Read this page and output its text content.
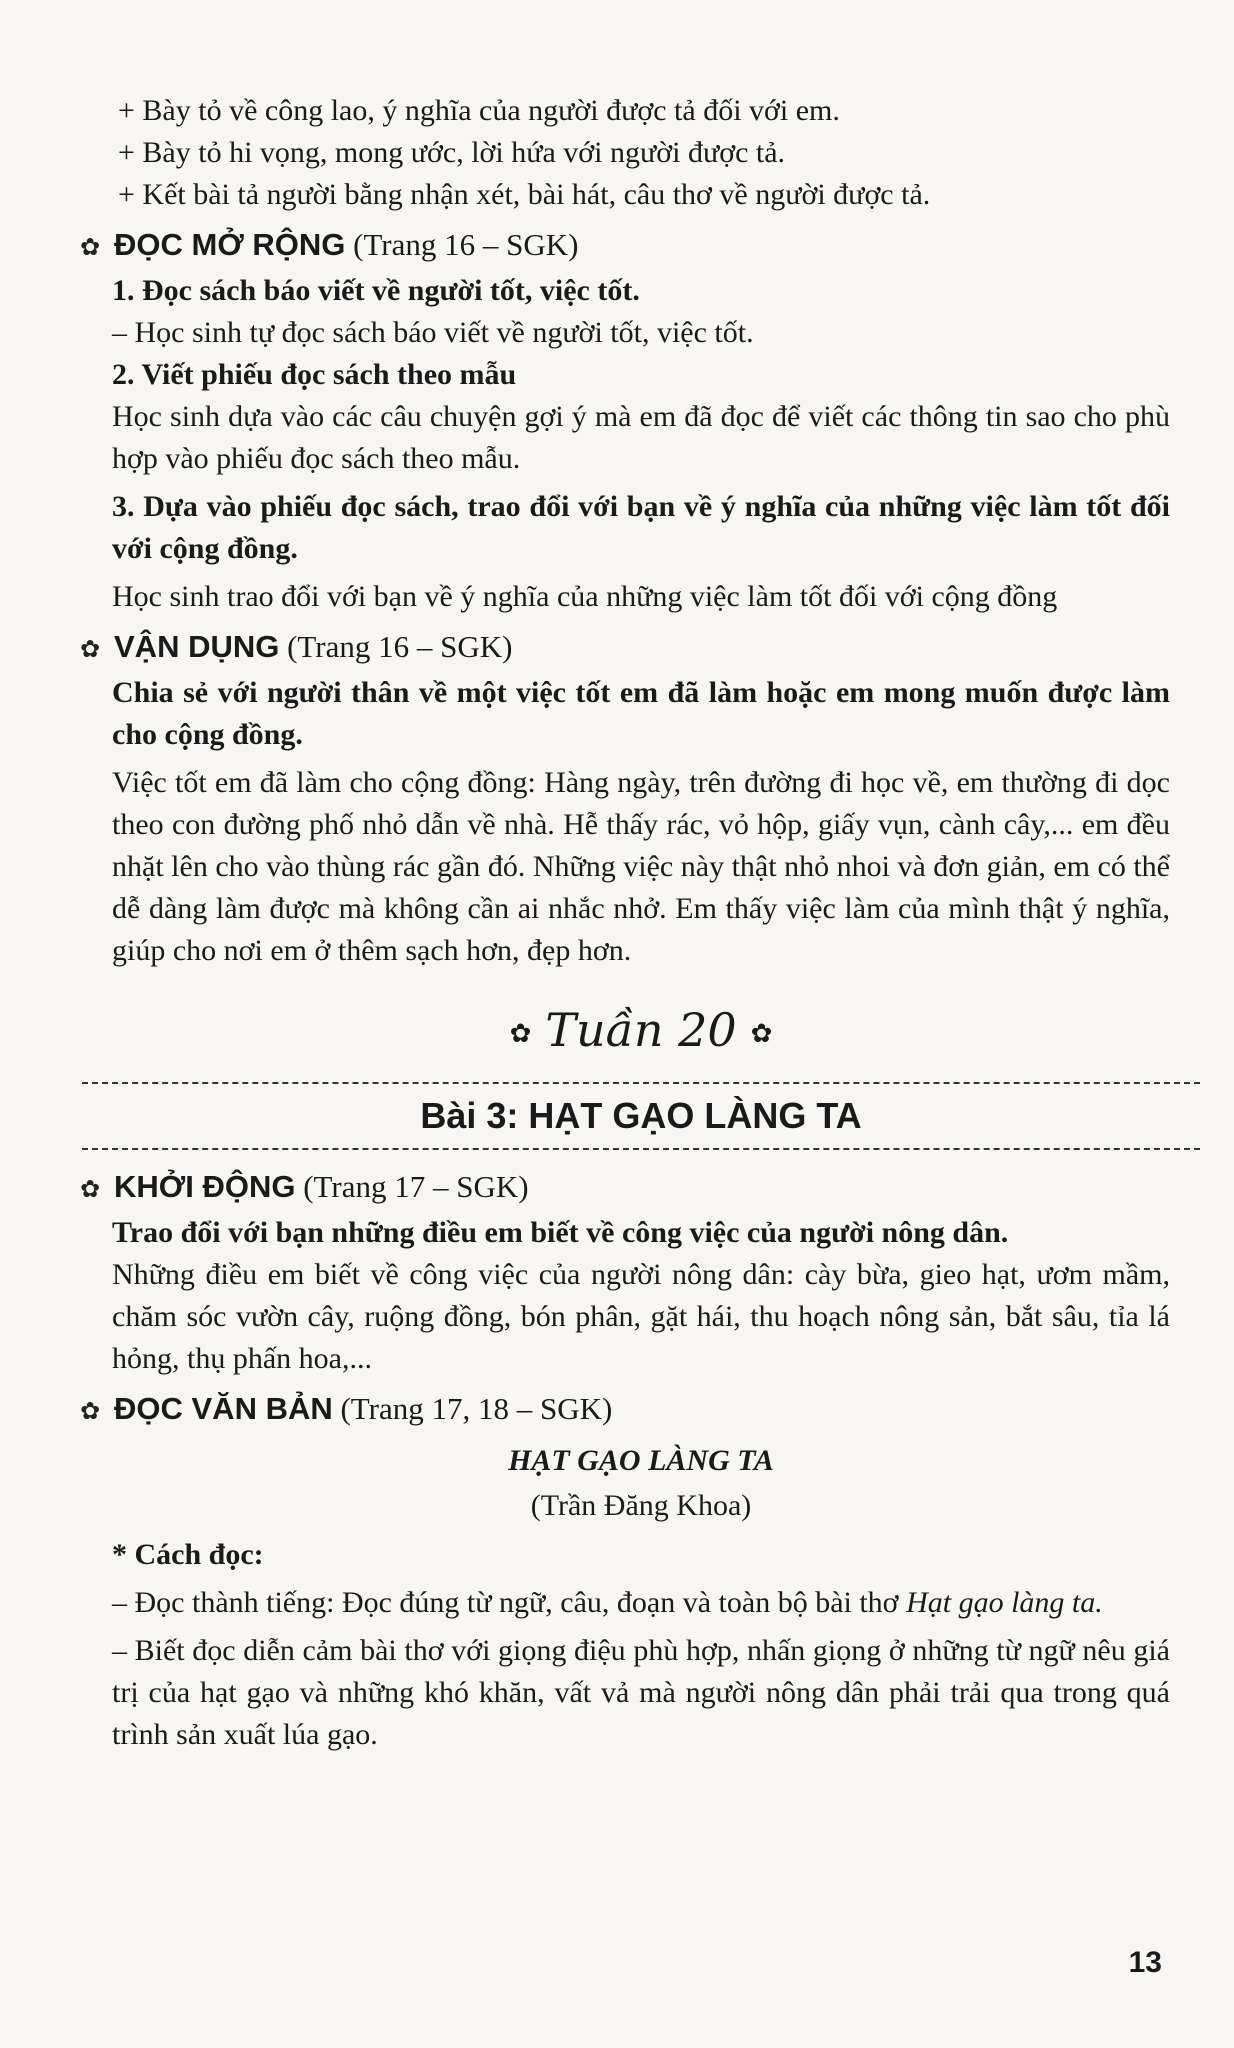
+ Bày tỏ về công lao, ý nghĩa của người được tả đối với em.

+ Bày tỏ hi vọng, mong ước, lời hứa với người được tả.

+ Kết bài tả người bằng nhận xét, bài hát, câu thơ về người được tả.

✿ ĐỌC MỞ RỘNG (Trang 16 – SGK)

1. Đọc sách báo viết về người tốt, việc tốt.

– Học sinh tự đọc sách báo viết về người tốt, việc tốt.

2. Viết phiếu đọc sách theo mẫu

Học sinh dựa vào các câu chuyện gợi ý mà em đã đọc để viết các thông tin sao cho phù hợp vào phiếu đọc sách theo mẫu.

3. Dựa vào phiếu đọc sách, trao đổi với bạn về ý nghĩa của những việc làm tốt đối với cộng đồng.

Học sinh trao đổi với bạn về ý nghĩa của những việc làm tốt đối với cộng đồng

✿ VẬN DỤNG (Trang 16 – SGK)

Chia sẻ với người thân về một việc tốt em đã làm hoặc em mong muốn được làm cho cộng đồng.

Việc tốt em đã làm cho cộng đồng: Hàng ngày, trên đường đi học về, em thường đi dọc theo con đường phố nhỏ dẫn về nhà. Hễ thấy rác, vỏ hộp, giấy vụn, cành cây,... em đều nhặt lên cho vào thùng rác gần đó. Những việc này thật nhỏ nhoi và đơn giản, em có thể dễ dàng làm được mà không cần ai nhắc nhở. Em thấy việc làm của mình thật ý nghĩa, giúp cho nơi em ở thêm sạch hơn, đẹp hơn.

✿ Tuần 20 ✿
Bài 3: HẠT GẠO LÀNG TA

✿ KHỞI ĐỘNG (Trang 17 – SGK)

Trao đổi với bạn những điều em biết về công việc của người nông dân.

Những điều em biết về công việc của người nông dân: cày bừa, gieo hạt, ươm mầm, chăm sóc vườn cây, ruộng đồng, bón phân, gặt hái, thu hoạch nông sản, bắt sâu, tỉa lá hỏng, thụ phấn hoa,...

✿ ĐỌC VĂN BẢN (Trang 17, 18 – SGK)

HẠT GẠO LÀNG TA

(Trần Đăng Khoa)

* Cách đọc:

– Đọc thành tiếng: Đọc đúng từ ngữ, câu, đoạn và toàn bộ bài thơ Hạt gạo làng ta.

– Biết đọc diễn cảm bài thơ với giọng điệu phù hợp, nhấn giọng ở những từ ngữ nêu giá trị của hạt gạo và những khó khăn, vất vả mà người nông dân phải trải qua trong quá trình sản xuất lúa gạo.

13
